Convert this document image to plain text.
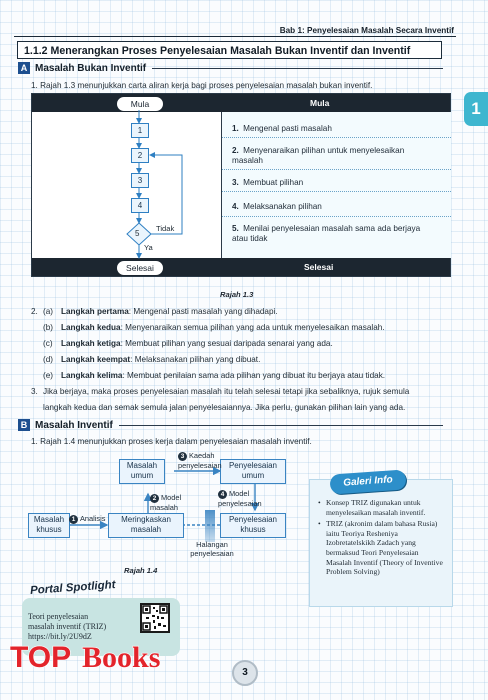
Bab 1: Penyelesaian Masalah Secara Inventif
1
1.1.2 Menerangkan Proses Penyelesaian Masalah Bukan Inventif dan Inventif
A Masalah Bukan Inventif
1. Rajah 1.3 menunjukkan carta aliran kerja bagi proses penyelesaian masalah bukan inventif.
Mula
Selesai
Mula
Selesai
1. Mengenal pasti masalah
2. Menyenaraikan pilihan untuk menyelesaikan masalah
3. Membuat pilihan
4. Melaksanakan pilihan
5. Menilai penyelesaian masalah sama ada berjaya atau tidak
1
2
3
4
5
Tidak
Ya
Rajah 1.3
2. (a) Langkah pertama: Mengenal pasti masalah yang dihadapi.
(b) Langkah kedua: Menyenaraikan semua pilihan yang ada untuk menyelesaikan masalah.
(c) Langkah ketiga: Membuat pilihan yang sesuai daripada senarai yang ada.
(d) Langkah keempat: Melaksanakan pilihan yang dibuat.
(e) Langkah kelima: Membuat penilaian sama ada pilihan yang dibuat itu berjaya atau tidak.
3. Jika berjaya, maka proses penyelesaian masalah itu telah selesai tetapi jika sebaliknya, rujuk semula
langkah kedua dan semak semula jalan penyelesaiannya. Jika perlu, gunakan pilihan lain yang ada.
B Masalah Inventif
1. Rajah 1.4 menunjukkan proses kerja dalam penyelesaian masalah inventif.
Masalah umum
Penyelesaian umum
Masalah khusus
Meringkaskan masalah
Penyelesaian khusus
1 Analisis
2 Model masalah
3 Kaedah penyelesaian
4 Model penyelesaian
Halangan penyelesaian
Rajah 1.4
Galeri Info
• Konsep TRIZ digunakan untuk menyelesaikan masalah inventif.
• TRIZ (akronim dalam bahasa Rusia) iaitu Teoriya Resheniya Izobretatelskikh Zadach yang bermaksud Teori Penyelesaian Masalah Inventif (Theory of Inventive Problem Solving)
Portal Spotlight
Teori penyelesaian
masalah inventif (TRIZ)
https://bit.ly/2U9dZ
TOP Books	3
